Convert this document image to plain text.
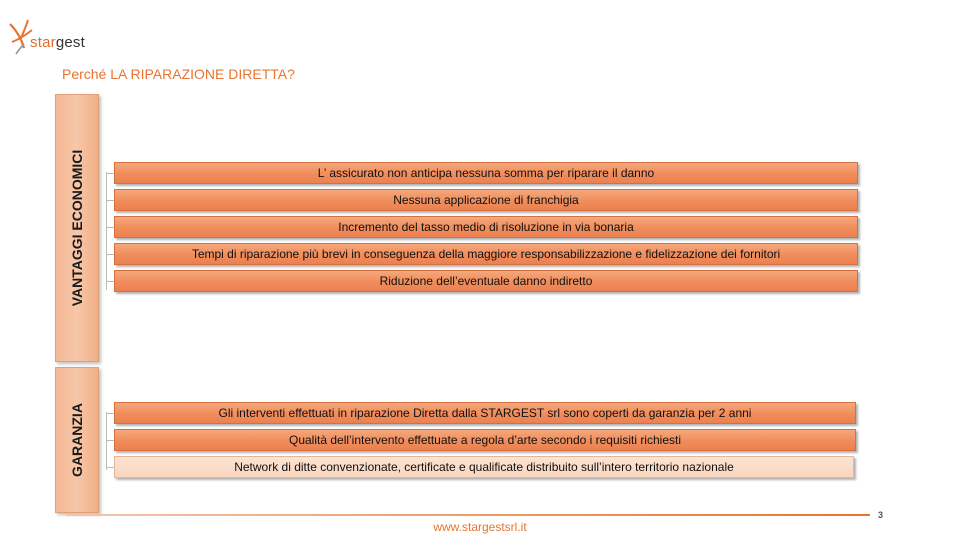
stargest
Perché LA RIPARAZIONE DIRETTA?
VANTAGGI ECONOMICI	L’ assicurato non anticipa nessuna somma per riparare il danno
Nessuna applicazione di franchigia
Incremento del tasso medio di risoluzione in via bonaria
Tempi di riparazione più brevi in conseguenza della maggiore responsabilizzazione e fidelizzazione dei fornitori
Riduzione dell’eventuale danno indiretto
GARANZIA	Gli interventi effettuati in riparazione Diretta dalla STARGEST srl sono coperti da garanzia per 2 anni
Qualità dell’intervento effettuate a regola d’arte secondo i requisiti richiesti
Network di ditte convenzionate, certificate e qualificate distribuito sull’intero territorio nazionale
3
www.stargestsrl.it
